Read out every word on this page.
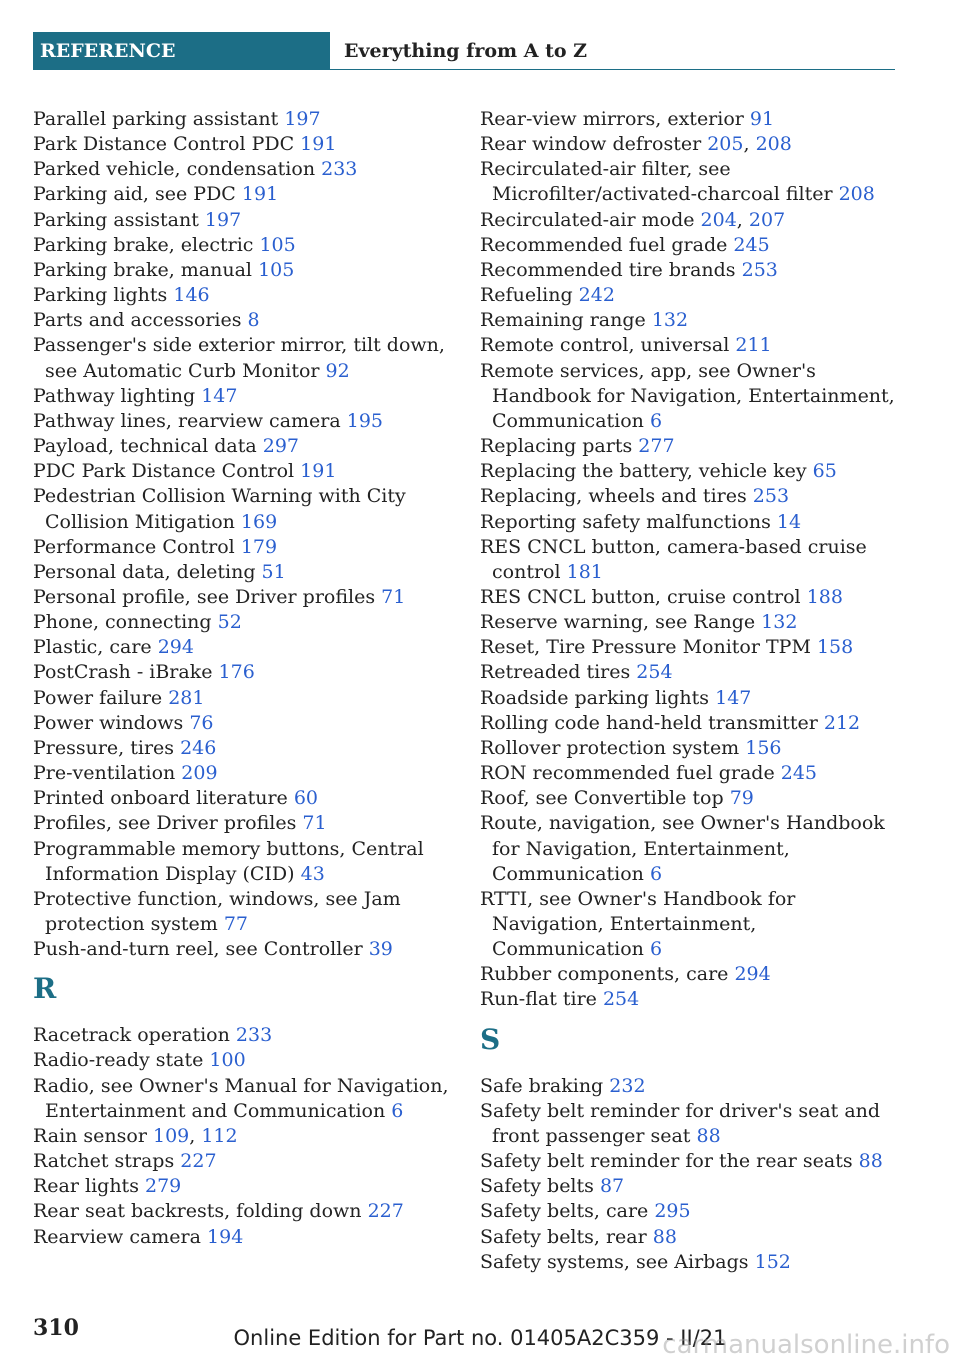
REFERENCE	Everything from A to Z
Parallel parking assistant 197
Park Distance Control PDC 191
Parked vehicle, condensation 233
Parking aid, see PDC 191
Parking assistant 197
Parking brake, electric 105
Parking brake, manual 105
Parking lights 146
Parts and accessories 8
Passenger's side exterior mirror, tilt down, see Automatic Curb Monitor 92
Pathway lighting 147
Pathway lines, rearview camera 195
Payload, technical data 297
PDC Park Distance Control 191
Pedestrian Collision Warning with City Collision Mitigation 169
Performance Control 179
Personal data, deleting 51
Personal profile, see Driver profiles 71
Phone, connecting 52
Plastic, care 294
PostCrash - iBrake 176
Power failure 281
Power windows 76
Pressure, tires 246
Pre-ventilation 209
Printed onboard literature 60
Profiles, see Driver profiles 71
Programmable memory buttons, Central Information Display (CID) 43
Protective function, windows, see Jam protection system 77
Push-and-turn reel, see Controller 39
R
Racetrack operation 233
Radio-ready state 100
Radio, see Owner's Manual for Navigation, Entertainment and Communication 6
Rain sensor 109, 112
Ratchet straps 227
Rear lights 279
Rear seat backrests, folding down 227
Rearview camera 194
Rear-view mirrors, exterior 91
Rear window defroster 205, 208
Recirculated-air filter, see Microfilter/activated-charcoal filter 208
Recirculated-air mode 204, 207
Recommended fuel grade 245
Recommended tire brands 253
Refueling 242
Remaining range 132
Remote control, universal 211
Remote services, app, see Owner's Handbook for Navigation, Entertainment, Communication 6
Replacing parts 277
Replacing the battery, vehicle key 65
Replacing, wheels and tires 253
Reporting safety malfunctions 14
RES CNCL button, camera-based cruise control 181
RES CNCL button, cruise control 188
Reserve warning, see Range 132
Reset, Tire Pressure Monitor TPM 158
Retreaded tires 254
Roadside parking lights 147
Rolling code hand-held transmitter 212
Rollover protection system 156
RON recommended fuel grade 245
Roof, see Convertible top 79
Route, navigation, see Owner's Handbook for Navigation, Entertainment, Communication 6
RTTI, see Owner's Handbook for Navigation, Entertainment, Communication 6
Rubber components, care 294
Run-flat tire 254
S
Safe braking 232
Safety belt reminder for driver's seat and front passenger seat 88
Safety belt reminder for the rear seats 88
Safety belts 87
Safety belts, care 295
Safety belts, rear 88
Safety systems, see Airbags 152
310	Online Edition for Part no. 01405A2C359 - II/21
carmanualsonline.info
